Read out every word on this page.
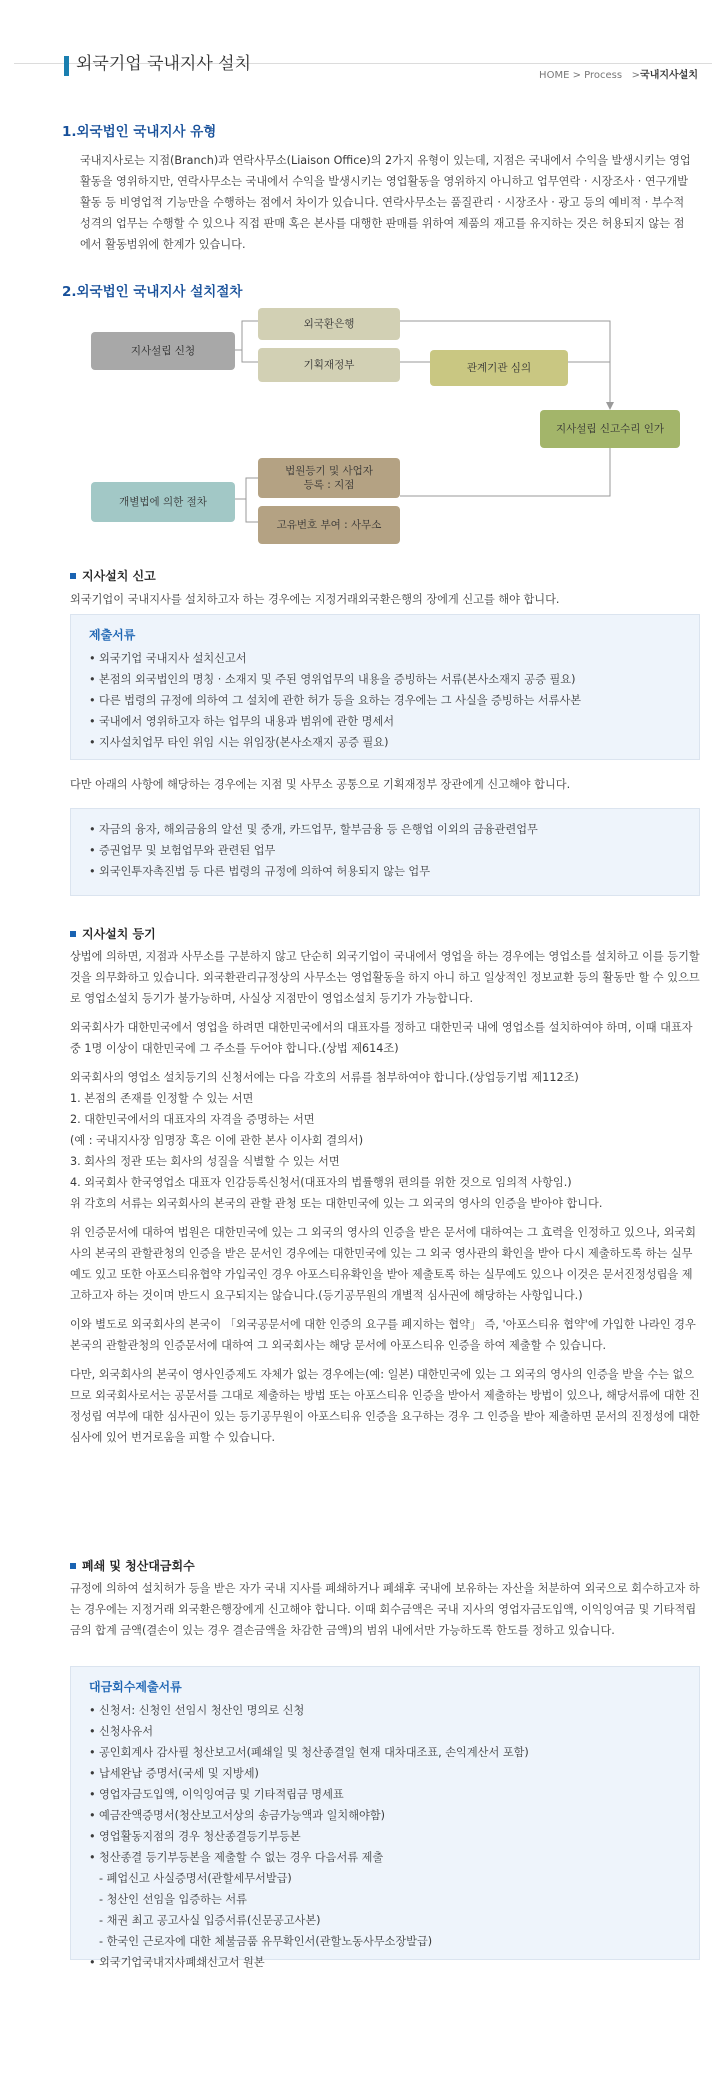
외국기업 국내지사 설치
HOME > Process   >국내지사설치
1.외국법인 국내지사 유형
국내지사로는 지점(Branch)과 연락사무소(Liaison Office)의 2가지 유형이 있는데, 지점은 국내에서 수익을 발생시키는 영업활동을 영위하지만, 연락사무소는 국내에서 수익을 발생시키는 영업활동을 영위하지 아니하고 업무연락 · 시장조사 · 연구개발 활동 등 비영업적 기능만을 수행하는 점에서 차이가 있습니다. 연락사무소는 품질관리 · 시장조사 · 광고 등의 예비적 · 부수적 성격의 업무는 수행할 수 있으나 직접 판매 혹은 본사를 대행한 판매를 위하여 제품의 재고를 유지하는 것은 허용되지 않는 점에서 활동범위에 한계가 있습니다.
2.외국법인 국내지사 설치절차
지사설립 신청
외국환은행
기획재정부	관계기관 심의
지사설립 신고수리 인가
개별법에 의한 절차
법원등기 및 사업자
등록 : 지점
고유번호 부여 : 사무소
지사설치 신고
외국기업이 국내지사를 설치하고자 하는 경우에는 지정거래외국환은행의 장에게 신고를 해야 합니다.
제출서류
• 외국기업 국내지사 설치신고서
• 본점의 외국법인의 명칭 · 소재지 및 주된 영위업무의 내용을 증빙하는 서류(본사소재지 공증 필요)
• 다른 법령의 규정에 의하여 그 설치에 관한 허가 등을 요하는 경우에는 그 사실을 증빙하는 서류사본
• 국내에서 영위하고자 하는 업무의 내용과 범위에 관한 명세서
• 지사설치업무 타인 위임 시는 위임장(본사소재지 공증 필요)
다만 아래의 사항에 해당하는 경우에는 지점 및 사무소 공통으로 기획재정부 장관에게 신고해야 합니다.
• 자금의 융자, 해외금융의 알선 및 중개, 카드업무, 할부금융 등 은행업 이외의 금융관련업무
• 증권업무 및 보험업무와 관련된 업무
• 외국인투자촉진법 등 다른 법령의 규정에 의하여 허용되지 않는 업무
지사설치 등기
상법에 의하면, 지점과 사무소를 구분하지 않고 단순히 외국기업이 국내에서 영업을 하는 경우에는 영업소를 설치하고 이를 등기할 것을 의무화하고 있습니다. 외국환관리규정상의 사무소는 영업활동을 하지 아니 하고 일상적인 정보교환 등의 활동만 할 수 있으므로 영업소설치 등기가 불가능하며, 사실상 지점만이 영업소설치 등기가 가능합니다.
외국회사가 대한민국에서 영업을 하려면 대한민국에서의 대표자를 정하고 대한민국 내에 영업소를 설치하여야 하며, 이때 대표자중 1명 이상이 대한민국에 그 주소를 두어야 합니다.(상법 제614조)
외국회사의 영업소 설치등기의 신청서에는 다음 각호의 서류를 첨부하여야 합니다.(상업등기법 제112조)
1. 본점의 존재를 인정할 수 있는 서면
2. 대한민국에서의 대표자의 자격을 증명하는 서면
(예 : 국내지사장 임명장 혹은 이에 관한 본사 이사회 결의서)
3. 회사의 정관 또는 회사의 성질을 식별할 수 있는 서면
4. 외국회사 한국영업소 대표자 인감등록신청서(대표자의 법률행위 편의를 위한 것으로 임의적 사항임.)
위 각호의 서류는 외국회사의 본국의 관할 관청 또는 대한민국에 있는 그 외국의 영사의 인증을 받아야 합니다.
위 인증문서에 대하여 법원은 대한민국에 있는 그 외국의 영사의 인증을 받은 문서에 대하여는 그 효력을 인정하고 있으나, 외국회사의 본국의 관할관청의 인증을 받은 문서인 경우에는 대한민국에 있는 그 외국 영사관의 확인을 받아 다시 제출하도록 하는 실무예도 있고 또한 아포스티유협약 가입국인 경우 아포스티유확인을 받아 제출토록 하는 실무예도 있으나 이것은 문서진정성립을 제고하고자 하는 것이며 반드시 요구되지는 않습니다.(등기공무원의 개별적 심사권에 해당하는 사항입니다.)
이와 별도로 외국회사의 본국이 「외국공문서에 대한 인증의 요구를 폐지하는 협약」 즉, '아포스티유 협약'에 가입한 나라인 경우 본국의 관할관청의 인증문서에 대하여 그 외국회사는 해당 문서에 아포스티유 인증을 하여 제출할 수 있습니다.
다만, 외국회사의 본국이 영사인증제도 자체가 없는 경우에는(예: 일본) 대한민국에 있는 그 외국의 영사의 인증을 받을 수는 없으므로 외국회사로서는 공문서를 그대로 제출하는 방법 또는 아포스티유 인증을 받아서 제출하는 방법이 있으나, 해당서류에 대한 진정성립 여부에 대한 심사권이 있는 등기공무원이 아포스티유 인증을 요구하는 경우 그 인증을 받아 제출하면 문서의 진정성에 대한 심사에 있어 번거로움을 피할 수 있습니다.
폐쇄 및 청산대금회수
규정에 의하여 설치허가 등을 받은 자가 국내 지사를 폐쇄하거나 폐쇄후 국내에 보유하는 자산을 처분하여 외국으로 회수하고자 하는 경우에는 지정거래 외국환은행장에게 신고해야 합니다. 이때 회수금액은 국내 지사의 영업자금도입액, 이익잉여금 및 기타적립금의 합계 금액(결손이 있는 경우 결손금액을 차감한 금액)의 범위 내에서만 가능하도록 한도를 정하고 있습니다.
대금회수제출서류
• 신청서: 신청인 선임시 청산인 명의로 신청
• 신청사유서
• 공인회계사 감사필 청산보고서(폐쇄일 및 청산종결일 현재 대차대조표, 손익계산서 포함)
• 납세완납 증명서(국세 및 지방세)
• 영업자금도입액, 이익잉여금 및 기타적립금 명세표
• 예금잔액증명서(청산보고서상의 송금가능액과 일치해야함)
• 영업활동지점의 경우 청산종결등기부등본
• 청산종결 등기부등본을 제출할 수 없는 경우 다음서류 제출
- 폐업신고 사실증명서(관할세무서발급)
- 청산인 선임을 입증하는 서류
- 채권 최고 공고사실 입증서류(신문공고사본)
- 한국인 근로자에 대한 체불금품 유무확인서(관할노동사무소장발급)
• 외국기업국내지사폐쇄신고서 원본
